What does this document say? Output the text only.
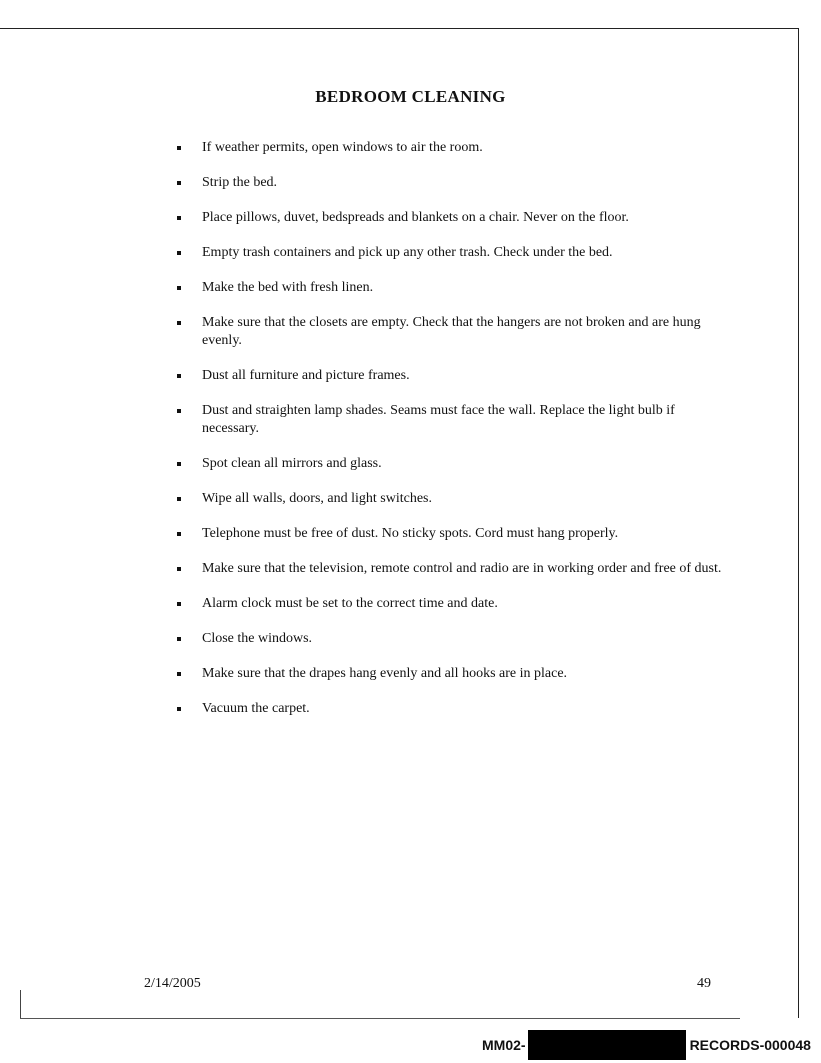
BEDROOM CLEANING
If weather permits, open windows to air the room.
Strip the bed.
Place pillows, duvet, bedspreads and blankets on a chair. Never on the floor.
Empty trash containers and pick up any other trash. Check under the bed.
Make the bed with fresh linen.
Make sure that the closets are empty. Check that the hangers are not broken and are hung evenly.
Dust all furniture and picture frames.
Dust and straighten lamp shades. Seams must face the wall. Replace the light bulb if necessary.
Spot clean all mirrors and glass.
Wipe all walls, doors, and light switches.
Telephone must be free of dust. No sticky spots. Cord must hang properly.
Make sure that the television, remote control and radio are in working order and free of dust.
Alarm clock must be set to the correct time and date.
Close the windows.
Make sure that the drapes hang evenly and all hooks are in place.
Vacuum the carpet.
2/14/2005	49
MM02-	RECORDS-000048
